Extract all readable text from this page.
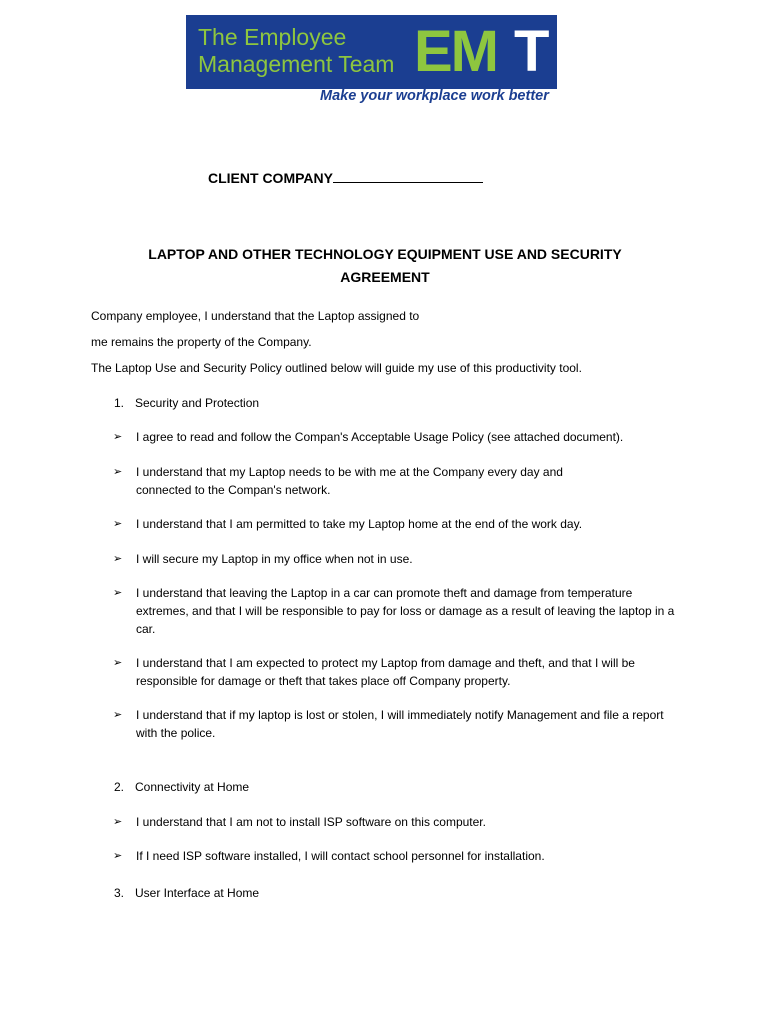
The Employee
Management Team EM T
Make your workplace work better
CLIENT COMPANY
LAPTOP AND OTHER TECHNOLOGY EQUIPMENT USE AND SECURITY
AGREEMENT
Company employee, I understand that the Laptop assigned to
me remains the property of the Company.
The Laptop Use and Security Policy outlined below will guide my use of this productivity tool.
1. Security and Protection
➢ I agree to read and follow the Compan's Acceptable Usage Policy (see attached document).
➢ I understand that my Laptop needs to be with me at the Company every day and connected to the Compan's network.
➢ I understand that I am permitted to take my Laptop home at the end of the work day.
➢ I will secure my Laptop in my office when not in use.
➢ I understand that leaving the Laptop in a car can promote theft and damage from temperature extremes, and that I will be responsible to pay for loss or damage as a result of leaving the laptop in a car.
➢ I understand that I am expected to protect my Laptop from damage and theft, and that I will be responsible for damage or theft that takes place off Company property.
➢ I understand that if my laptop is lost or stolen, I will immediately notify Management and file a report with the police.
2. Connectivity at Home
➢ I understand that I am not to install ISP software on this computer.
➢ If I need ISP software installed, I will contact school personnel for installation.
3. User Interface at Home
